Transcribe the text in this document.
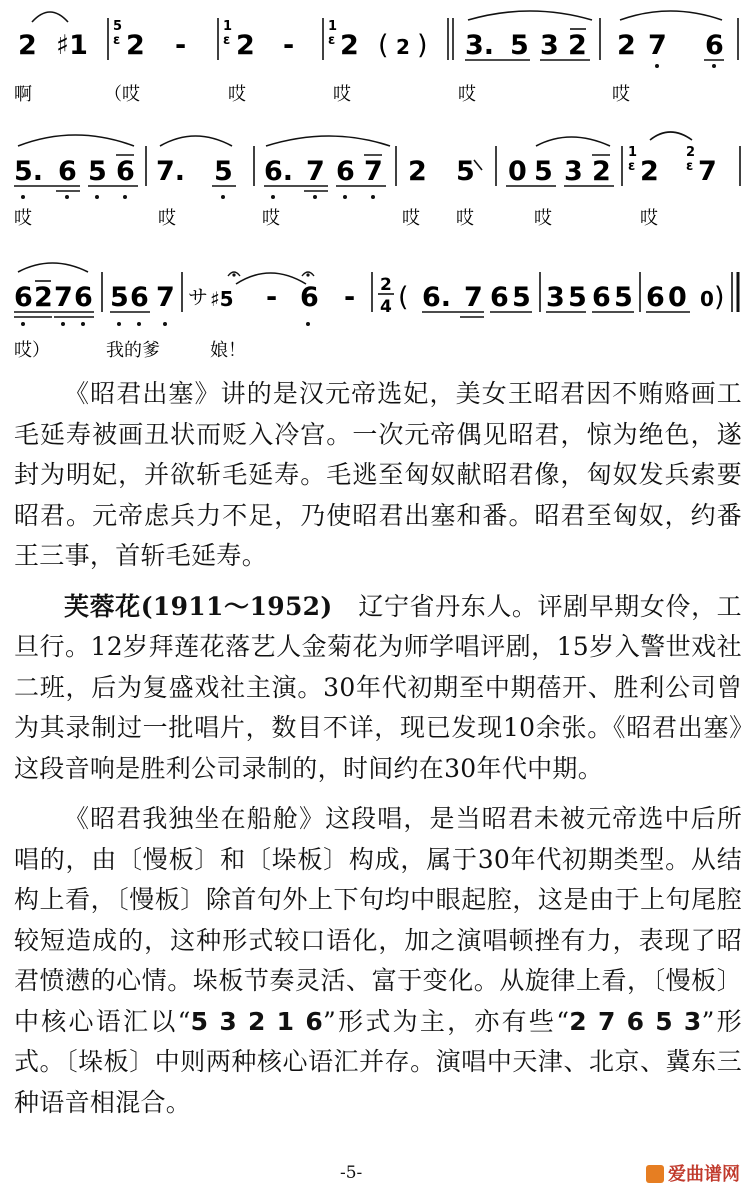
2 ♯1
5
ε 2 -
1
ε 2 -
1
ε 2 ( 2 ) 3. 5 3 2 2 7 6
啊	（哎	哎	哎	哎	哎
5. 6 5 6 7. 5 6. 7 6 7 2 5 0 5 3 2
1
ε 2
2
ε 7
哎	哎	哎	哎 哎	哎	哎
6 2 7 6 5 6 7 サ ♯5 - 6 - 2
4 ( 6. 7 6 5 3 5 6 5 6 0 0 )
哎）	我的爹	娘！

《昭君出塞》讲的是汉元帝选妃，美女王昭君因不贿赂画工毛延寿被画丑状而贬入冷宫。一次元帝偶见昭君，惊为绝色，遂封为明妃，并欲斩毛延寿。毛逃至匈奴献昭君像，匈奴发兵索要昭君。元帝虑兵力不足，乃使昭君出塞和番。昭君至匈奴，约番王三事，首斩毛延寿。

芙蓉花(1911～1952)　辽宁省丹东人。评剧早期女伶，工旦行。12岁拜莲花落艺人金菊花为师学唱评剧，15岁入警世戏社二班，后为复盛戏社主演。30年代初期至中期蓓开、胜利公司曾为其录制过一批唱片，数目不详，现已发现10余张。《昭君出塞》这段音响是胜利公司录制的，时间约在30年代中期。

《昭君我独坐在船舱》这段唱，是当昭君未被元帝选中后所唱的，由〔慢板〕和〔垛板〕构成，属于30年代初期类型。从结构上看，〔慢板〕除首句外上下句均中眼起腔，这是由于上句尾腔较短造成的，这种形式较口语化，加之演唱顿挫有力，表现了昭君愤懑的心情。垛板节奏灵活、富于变化。从旋律上看，〔慢板〕中核心语汇以“5 3 2 1 6”形式为主，亦有些“2 7 6 5 3”形式。〔垛板〕中则两种核心语汇并存。演唱中天津、北京、冀东三种语音相混合。

-5-	爱曲谱网
